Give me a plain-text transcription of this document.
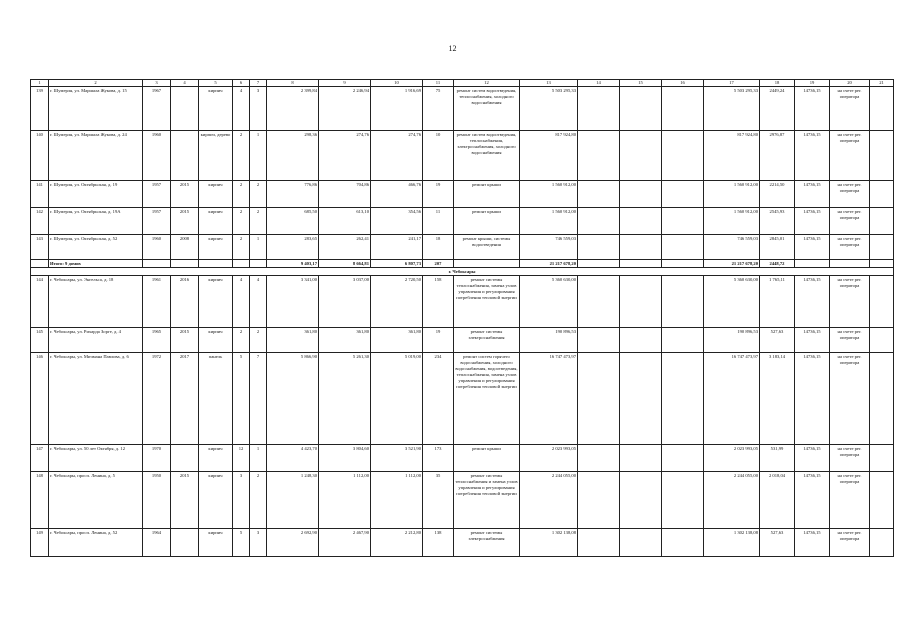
12
1	2	3	4	5	6	7	8	9	10	11	12	13	14	15	16	17	18	19	20	21
139	г. Шумерля, ул. Маршала Жукова, д. 15	1967		кирпич	4	3	2 399,84	2 246,94	1 916,69	75	ремонт систем водоотведения, теплоснабжения, холодного водоснабжения	5 503 295,33				5 503 295,33	2449,24	14736,15	на счете рег. оператора	
140	г. Шумерля, ул. Маршала Жукова, д. 24	1960		кирпич, дерево	2	1	298,36	274,76	274,76	10	ремонт систем водоотведения, теплоснабжения, электроснабжения, холодного водоснабжения	817 924,80				817 924,80	2976,87	14736,15	на счете рег. оператора	
141	г. Шумерля, ул. Октябрьская, д. 19	1957	2015	кирпич	2	2	776,86	704,86	466,76	19	ремонт крыши	1 560 912,00				1 560 912,00	2214,50	14736,15	на счете рег. оператора	
142	г. Шумерля, ул. Октябрьская, д. 19А	1957	2015	кирпич	2	2	685,50	613,10	354,56	11	ремонт крыши	1 560 912,00				1 560 912,00	2545,93	14736,15	на счете рег. оператора	
143	г. Шумерля, ул. Октябрьская, д. 52	1960	2008	кирпич	2	1	283,65	262,41	241,17	18	ремонт крыши, системы водоотведения	746 559,03				746 559,03	2845,01	14736,15	на счете рег. оператора	
	Итого: 9 домов						9 403,17	8 664,81	6 807,73	207		21 217 678,20				21 217 678,20	2448,72			
г. Чебоксары																				
144	г. Чебоксары, ул. Энгельса, д. 18	1961	2016	кирпич	4	4	3 341,00	3 037,00	2 720,50	158	ремонт системы теплоснабжения, замена узлов управления и регулирования потребления тепловой энергии	5 360 630,00				5 360 630,00	1 765,11	14736,15	на счете рег. оператора	
145	г. Чебоксары, ул. Рихарда Зорге, д. 4	1965	2015	кирпич	2	2	361,80	361,80	361,80	19	ремонт системы электроснабжения	190 896,53				190 896,53	527,63	14736,15	на счете рег. оператора	
146	г. Чебоксары, ул. Мичмана Павлова, д. 6	1972	2017	панель	5	7	5 866,90	5 261,30	5 019,00	234	ремонт систем горячего водоснабжения, холодного водоснабжения, водоотведения, теплоснабжения, замена узлов управления и регулирования потребления тепловой энергии	16 747 473,97				16 747 473,97	3 183,14	14736,15	на счете рег. оператора	
147	г. Чебоксары, ул. 50 лет Октября, д. 12	1970		кирпич	12	1	4 423,70	3 804,60	3 521,90	173	ремонт крыши	2 023 993,05				2 023 993,05	531,99	14736,15	на счете рег. оператора	
148	г. Чебоксары, просп. Ленина, д. 5	1950	2015	кирпич	3	2	1 248,30	1 112,00	1 112,00	35	ремонт системы теплоснабжения и замена узлов управления и регулирования потребления тепловой энергии	2 244 055,00				2 244 055,00	2 018,04	14736,15	на счете рег. оператора	
149	г. Чебоксары, просп. Ленина, д. 52	1964		кирпич	5	3	2 692,90	2 467,90	2 212,80	138	ремонт системы электроснабжения	1 302 138,08				1 302 138,08	527,63	14736,15	на счете рег. оператора	
